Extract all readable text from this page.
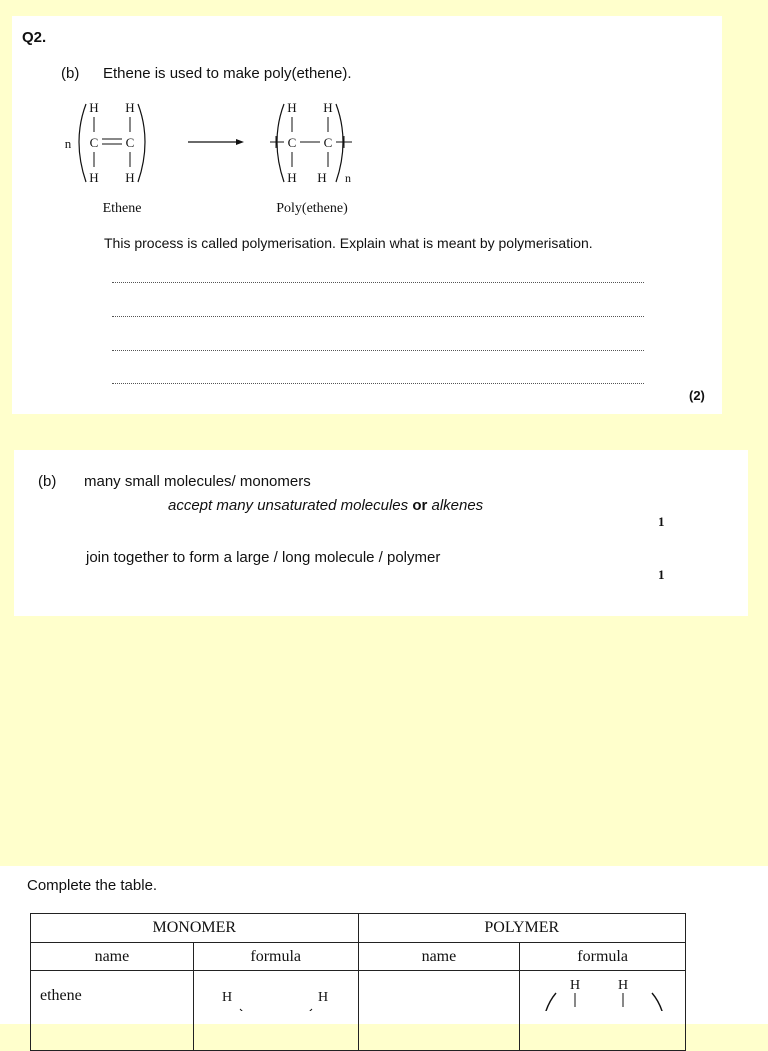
Q2.
(b) Ethene is used to make poly(ethene).
n
H H
C C
H H
H H
C C
H H n
Ethene	Poly(ethene)
This process is called polymerisation. Explain what is meant by polymerisation.
(2)
(b) many small molecules/ monomers
accept many unsaturated molecules or alkenes
1
join together to form a large / long molecule / polymer
1
Complete the table.
MONOMER		POLYMER	
name	formula	name	formula
ethene	H H		H H
